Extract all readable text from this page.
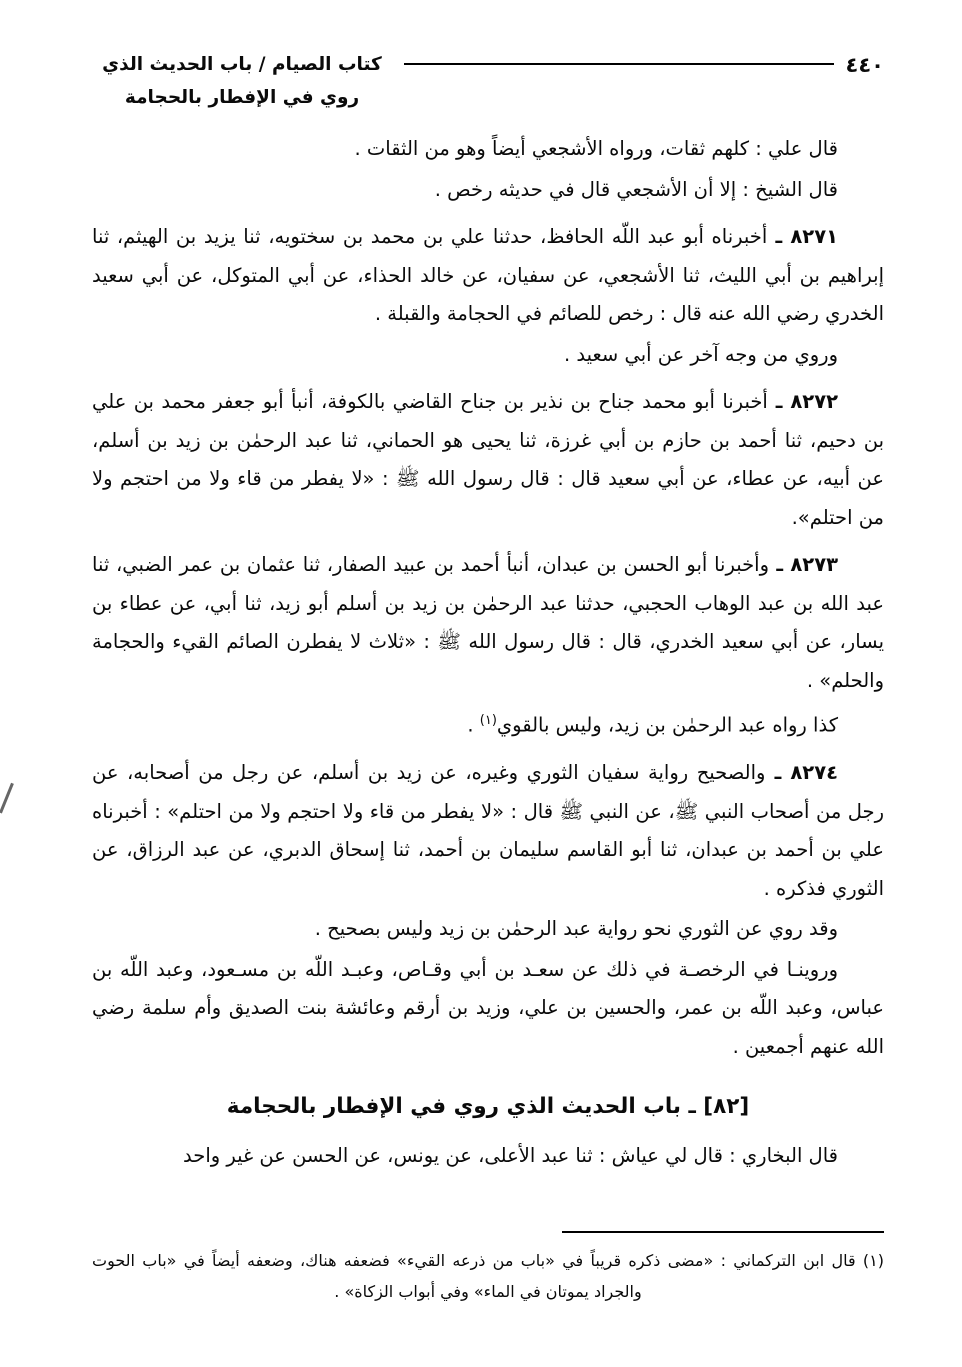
٤٤٠
كتاب الصيام / باب الحديث الذي روي في الإفطار بالحجامة

قال علي : كلهم ثقات، ورواه الأشجعي أيضاً وهو من الثقات .

قال الشيخ : إلا أن الأشجعي قال في حديثه رخص .

٨٢٧١ ـ أخبرناه أبو عبد اللّه الحافظ، حدثنا علي بن محمد بن سختويه، ثنا يزيد بن الهيثم، ثنا إبراهيم بن أبي الليث، ثنا الأشجعي، عن سفيان، عن خالد الحذاء، عن أبي المتوكل، عن أبي سعيد الخدري رضي الله عنه قال : رخص للصائم في الحجامة والقبلة .

وروي من وجه آخر عن أبي سعيد .

٨٢٧٢ ـ أخبرنا أبو محمد جناح بن نذير بن جناح القاضي بالكوفة، أنبأ أبو جعفر محمد بن علي بن دحيم، ثنا أحمد بن حازم بن أبي غرزة، ثنا يحيى هو الحماني، ثنا عبد الرحمٰن بن زيد بن أسلم، عن أبيه، عن عطاء، عن أبي سعيد قال : قال رسول الله ﷺ : «لا يفطر من قاء ولا من احتجم ولا من احتلم».

٨٢٧٣ ـ وأخبرنا أبو الحسن بن عبدان، أنبأ أحمد بن عبيد الصفار، ثنا عثمان بن عمر الضبي، ثنا عبد الله بن عبد الوهاب الحجبي، حدثنا عبد الرحمٰن بن زيد بن أسلم أبو زيد، ثنا أبي، عن عطاء بن يسار، عن أبي سعيد الخدري، قال : قال رسول الله ﷺ : «ثلاث لا يفطرن الصائم القيء والحجامة والحلم» .

كذا رواه عبد الرحمٰن بن زيد، وليس بالقوي$^{(١)}$ .

٨٢٧٤ ـ والصحيح رواية سفيان الثوري وغيره، عن زيد بن أسلم، عن رجل من أصحابه، عن رجل من أصحاب النبي ﷺ، عن النبي ﷺ قال : «لا يفطر من قاء ولا احتجم ولا من احتلم» : أخبرناه علي بن أحمد بن عبدان، ثنا أبو القاسم سليمان بن أحمد، ثنا إسحاق الدبري، عن عبد الرزاق، عن الثوري فذكره .

وقد روي عن الثوري نحو رواية عبد الرحمٰن بن زيد وليس بصحيح .

وروينـا في الرخصـة في ذلك عن سعـد بن أبي وقـاص، وعبـد اللّه بن مسـعود، وعبد اللّه بن عباس، وعبد اللّه بن عمر، والحسين بن علي، وزيد بن أرقم وعائشة بنت الصديق وأم سلمة رضي الله عنهم أجمعين .

[٨٢] ـ باب الحديث الذي روي في الإفطار بالحجامة

قال البخاري : قال لي عياش : ثنا عبد الأعلى، عن يونس، عن الحسن عن غير واحد

(١) قال ابن التركماني : «مضى ذكره قريباً في «باب من ذرعه القيء» فضعفه هناك، وضعفه أيضاً في «باب الحوت والجراد يموتان في الماء» وفي أبواب الزكاة» .
